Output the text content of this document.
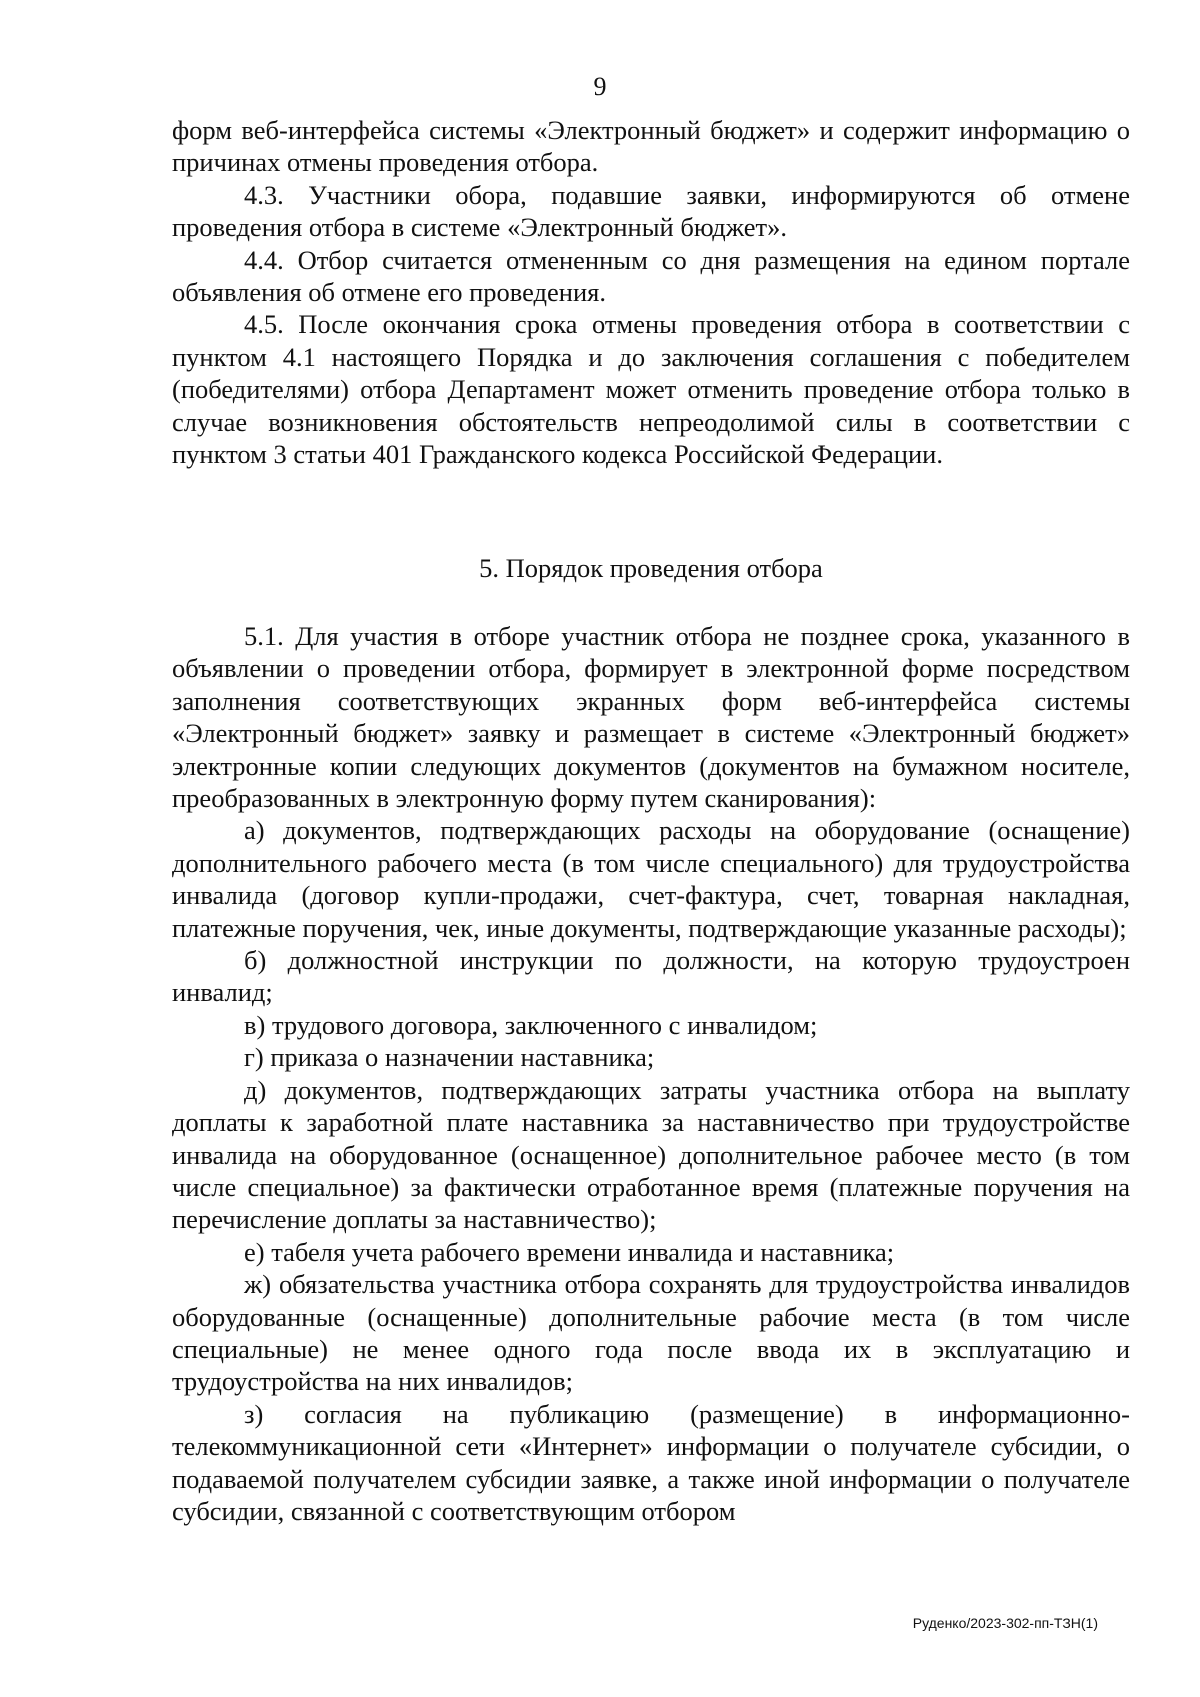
9

форм веб-интерфейса системы «Электронный бюджет» и содержит информацию о причинах отмены проведения отбора.

4.3. Участники обора, подавшие заявки, информируются об отмене проведения отбора в системе «Электронный бюджет».

4.4. Отбор считается отмененным со дня размещения на едином портале объявления об отмене его проведения.

4.5. После окончания срока отмены проведения отбора в соответствии с пунктом 4.1 настоящего Порядка и до заключения соглашения с победителем (победителями) отбора Департамент может отменить проведение отбора только в случае возникновения обстоятельств непреодолимой силы в соответствии с пунктом 3 статьи 401 Гражданского кодекса Российской Федерации.

5. Порядок проведения отбора

5.1. Для участия в отборе участник отбора не позднее срока, указанного в объявлении о проведении отбора, формирует в электронной форме посредством заполнения соответствующих экранных форм веб-интерфейса системы «Электронный бюджет» заявку и размещает в системе «Электронный бюджет» электронные копии следующих документов (документов на бумажном носителе, преобразованных в электронную форму путем сканирования):

а) документов, подтверждающих расходы на оборудование (оснащение) дополнительного рабочего места (в том числе специального) для трудоустройства инвалида (договор купли-продажи, счет-фактура, счет, товарная накладная, платежные поручения, чек, иные документы, подтверждающие указанные расходы);

б) должностной инструкции по должности, на которую трудоустроен инвалид;

в) трудового договора, заключенного с инвалидом;

г) приказа о назначении наставника;

д) документов, подтверждающих затраты участника отбора на выплату доплаты к заработной плате наставника за наставничество при трудоустройстве инвалида на оборудованное (оснащенное) дополнительное рабочее место (в том числе специальное) за фактически отработанное время (платежные поручения на перечисление доплаты за наставничество);

е) табеля учета рабочего времени инвалида и наставника;

ж) обязательства участника отбора сохранять для трудоустройства инвалидов оборудованные (оснащенные) дополнительные рабочие места (в том числе специальные) не менее одного года после ввода их в эксплуатацию и трудоустройства на них инвалидов;

з) согласия на публикацию (размещение) в информационно-телекоммуникационной сети «Интернет» информации о получателе субсидии, о подаваемой получателем субсидии заявке, а также иной информации о получателе субсидии, связанной с соответствующим отбором

Руденко/2023-302-пп-ТЗН(1)
